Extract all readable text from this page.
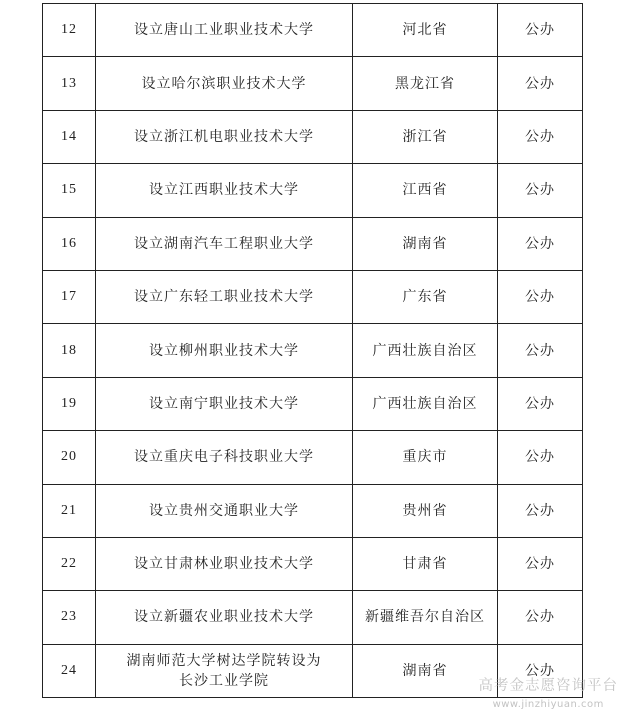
12	设立唐山工业职业技术大学	河北省	公办
13	设立哈尔滨职业技术大学	黑龙江省	公办
14	设立浙江机电职业技术大学	浙江省	公办
15	设立江西职业技术大学	江西省	公办
16	设立湖南汽车工程职业大学	湖南省	公办
17	设立广东轻工职业技术大学	广东省	公办
18	设立柳州职业技术大学	广西壮族自治区	公办
19	设立南宁职业技术大学	广西壮族自治区	公办
20	设立重庆电子科技职业大学	重庆市	公办
21	设立贵州交通职业大学	贵州省	公办
22	设立甘肃林业职业技术大学	甘肃省	公办
23	设立新疆农业职业技术大学	新疆维吾尔自治区	公办
24	湖南师范大学树达学院转设为
长沙工业学院	湖南省	公办
高考金志愿咨询平台
www.jinzhiyuan.com
